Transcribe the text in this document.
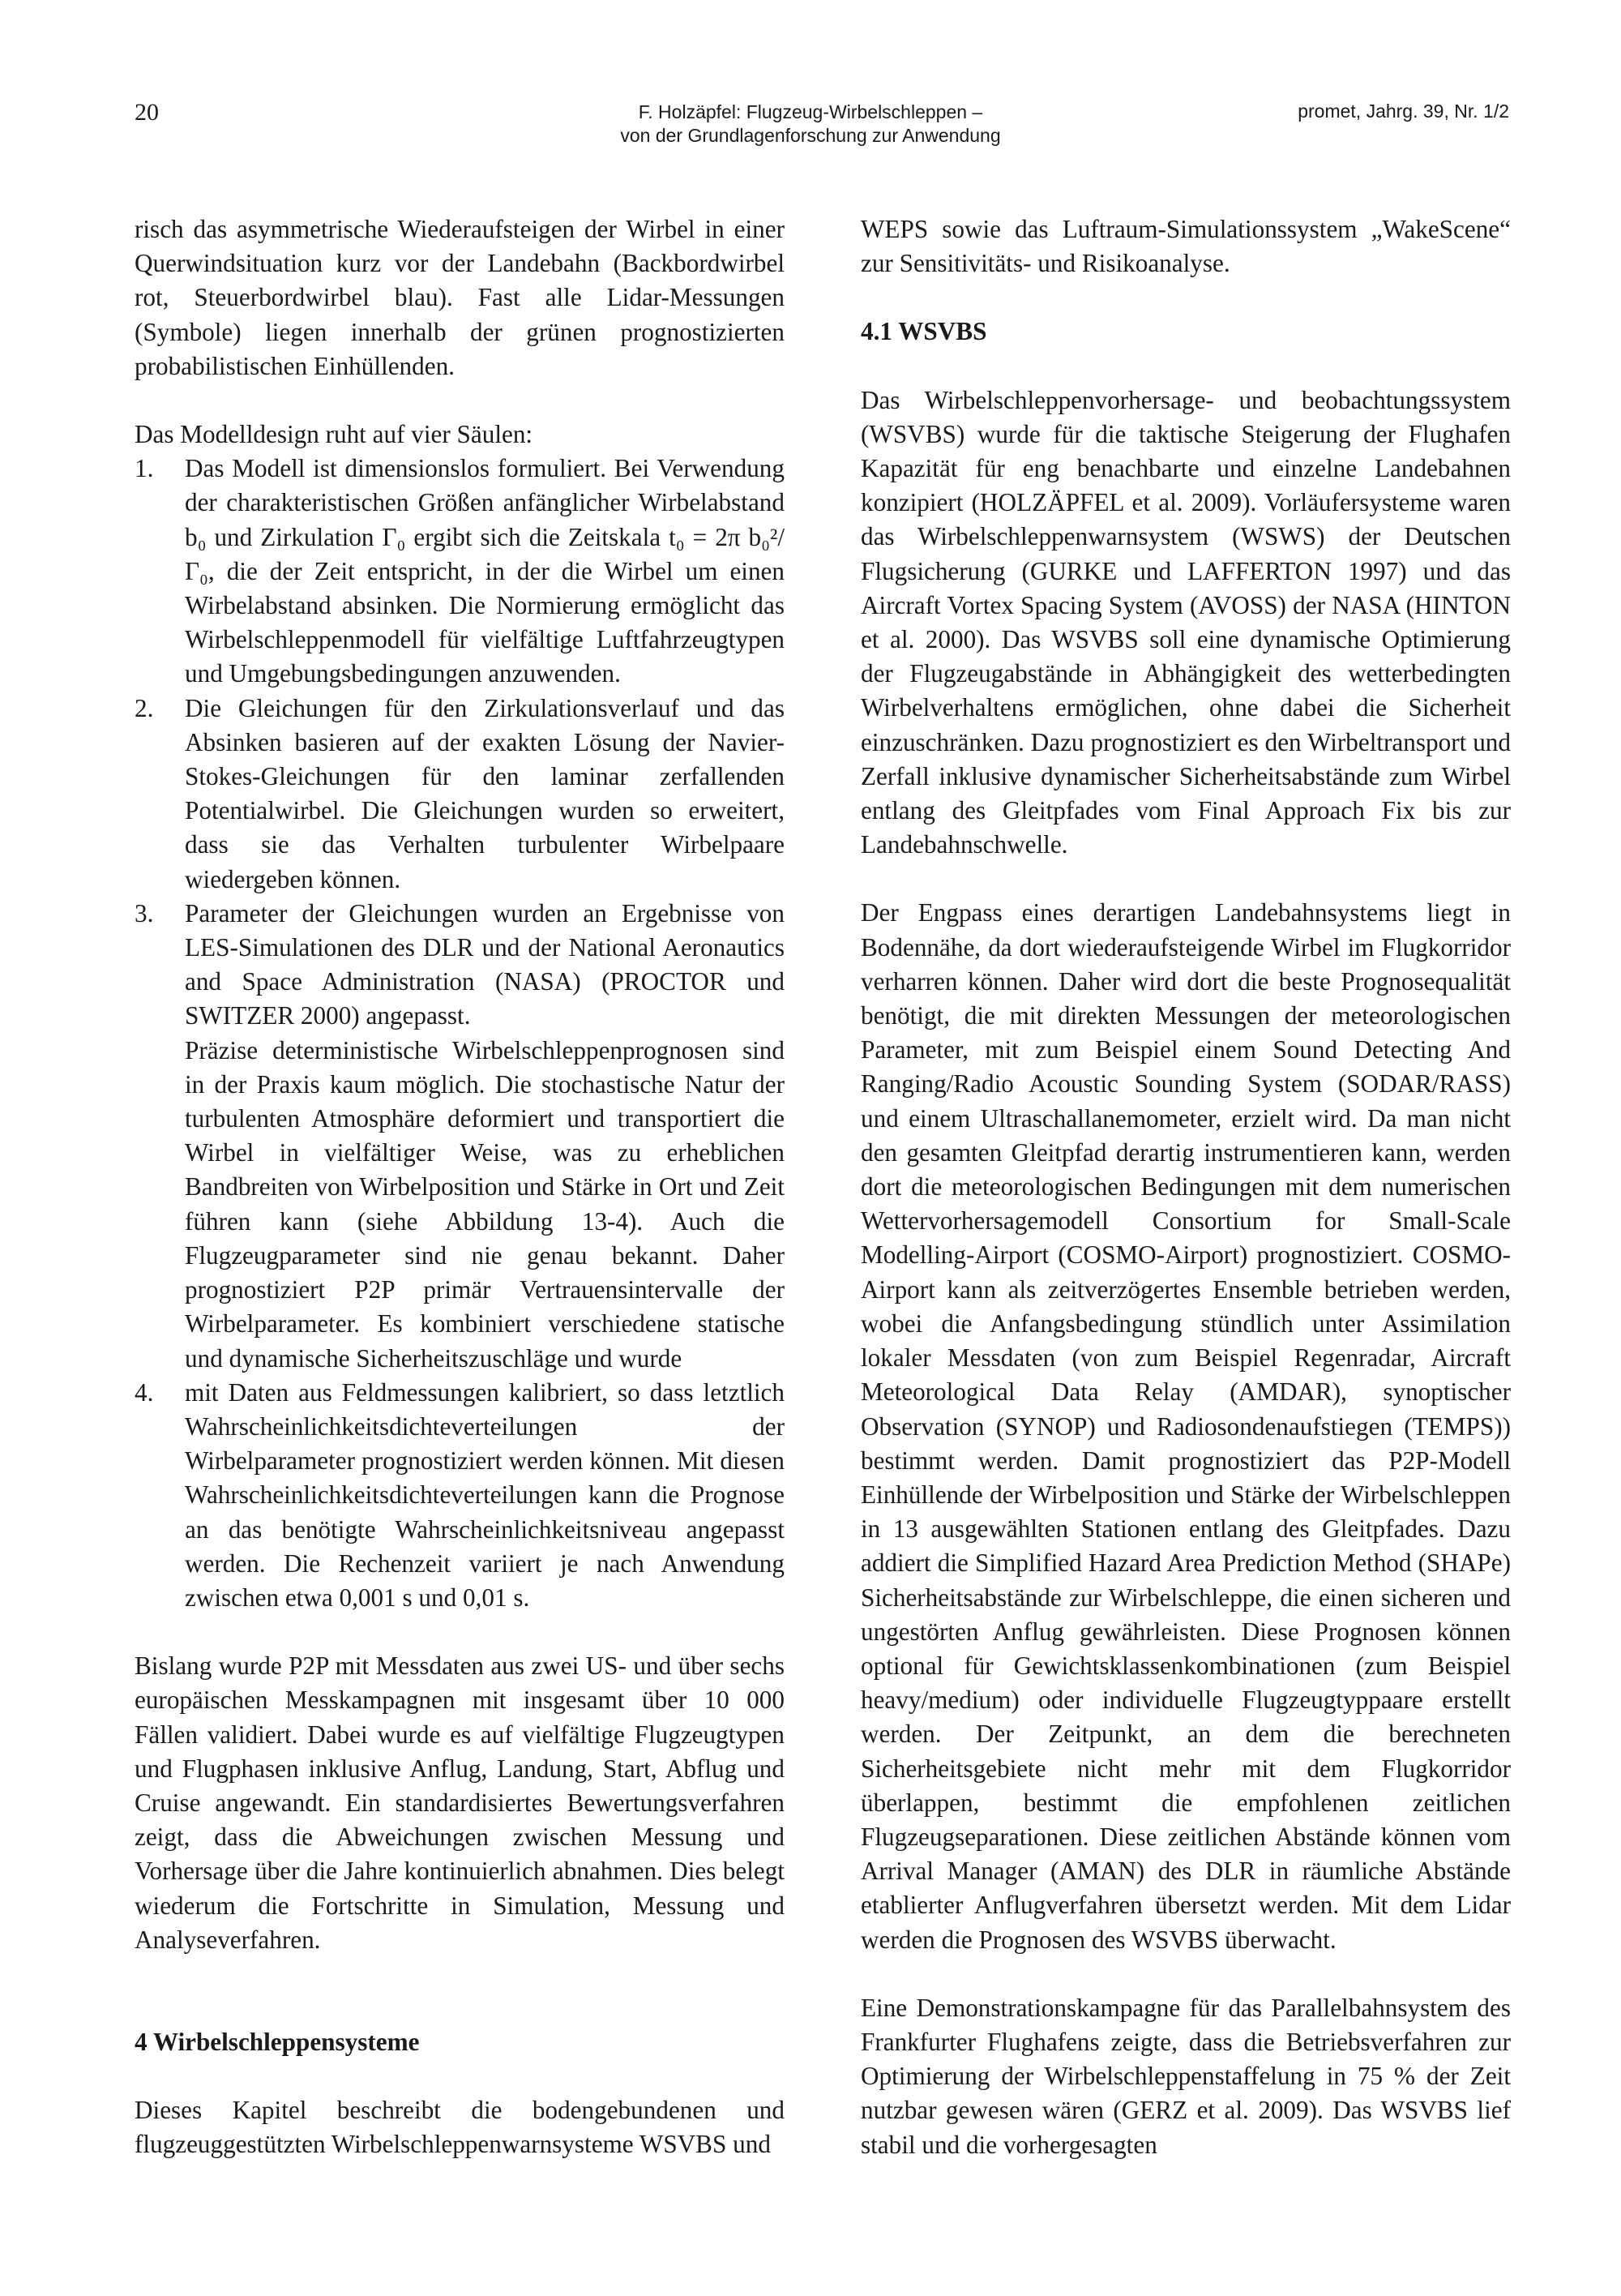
20	F. Holzäpfel: Flugzeug-Wirbelschleppen –
von der Grundlagenforschung zur Anwendung
promet, Jahrg. 39, Nr. 1/2

risch das asymmetrische Wiederaufsteigen der Wirbel in einer Querwindsituation kurz vor der Landebahn (Backbordwirbel rot, Steuerbordwirbel blau). Fast alle Lidar-Messungen (Symbole) liegen innerhalb der grünen prognostizierten probabilistischen Einhüllenden.

Das Modelldesign ruht auf vier Säulen:

1. Das Modell ist dimensionslos formuliert. Bei Verwendung der charakteristischen Größen anfänglicher Wirbelabstand b₀ und Zirkulation Γ₀ ergibt sich die Zeitskala t₀ = 2π b₀²/Γ₀, die der Zeit entspricht, in der die Wirbel um einen Wirbelabstand absinken. Die Normierung ermöglicht das Wirbelschleppenmodell für vielfältige Luftfahrzeugtypen und Umgebungsbedingungen anzuwenden.
2. Die Gleichungen für den Zirkulationsverlauf und das Absinken basieren auf der exakten Lösung der Navier-Stokes-Gleichungen für den laminar zerfallenden Potentialwirbel. Die Gleichungen wurden so erweitert, dass sie das Verhalten turbulenter Wirbelpaare wiedergeben können.
3. Parameter der Gleichungen wurden an Ergebnisse von LES-Simulationen des DLR und der National Aeronautics and Space Administration (NASA) (PROCTOR und SWITZER 2000) angepasst.

Präzise deterministische Wirbelschleppenprognosen sind in der Praxis kaum möglich. Die stochastische Natur der turbulenten Atmosphäre deformiert und transportiert die Wirbel in vielfältiger Weise, was zu erheblichen Bandbreiten von Wirbelposition und Stärke in Ort und Zeit führen kann (siehe Abbildung 13-4). Auch die Flugzeugparameter sind nie genau bekannt. Daher prognostiziert P2P primär Vertrauensintervalle der Wirbelparameter. Es kombiniert verschiedene statische und dynamische Sicherheitszuschläge und wurde

4. mit Daten aus Feldmessungen kalibriert, so dass letztlich Wahrscheinlichkeitsdichteverteilungen der Wirbelparameter prognostiziert werden können. Mit diesen Wahrscheinlichkeitsdichteverteilungen kann die Prognose an das benötigte Wahrscheinlichkeitsniveau angepasst werden. Die Rechenzeit variiert je nach Anwendung zwischen etwa 0,001 s und 0,01 s.

Bislang wurde P2P mit Messdaten aus zwei US- und über sechs europäischen Messkampagnen mit insgesamt über 10 000 Fällen validiert. Dabei wurde es auf vielfältige Flugzeugtypen und Flugphasen inklusive Anflug, Landung, Start, Abflug und Cruise angewandt. Ein standardisiertes Bewertungsverfahren zeigt, dass die Abweichungen zwischen Messung und Vorhersage über die Jahre kontinuierlich abnahmen. Dies belegt wiederum die Fortschritte in Simulation, Messung und Analyseverfahren.

4 Wirbelschleppensysteme

Dieses Kapitel beschreibt die bodengebundenen und flugzeuggestützten Wirbelschleppenwarnsysteme WSVBS und

WEPS sowie das Luftraum-Simulationssystem „WakeScene“ zur Sensitivitäts- und Risikoanalyse.

4.1 WSVBS

Das Wirbelschleppenvorhersage- und beobachtungssystem (WSVBS) wurde für die taktische Steigerung der Flughafen Kapazität für eng benachbarte und einzelne Landebahnen konzipiert (HOLZÄPFEL et al. 2009). Vorläufersysteme waren das Wirbelschleppenwarnsystem (WSWS) der Deutschen Flugsicherung (GURKE und LAFFERTON 1997) und das Aircraft Vortex Spacing System (AVOSS) der NASA (HINTON et al. 2000). Das WSVBS soll eine dynamische Optimierung der Flugzeugabstände in Abhängigkeit des wetterbedingten Wirbelverhaltens ermöglichen, ohne dabei die Sicherheit einzuschränken. Dazu prognostiziert es den Wirbeltransport und Zerfall inklusive dynamischer Sicherheitsabstände zum Wirbel entlang des Gleitpfades vom Final Approach Fix bis zur Landebahnschwelle.

Der Engpass eines derartigen Landebahnsystems liegt in Bodennähe, da dort wiederaufsteigende Wirbel im Flugkorridor verharren können. Daher wird dort die beste Prognosequalität benötigt, die mit direkten Messungen der meteorologischen Parameter, mit zum Beispiel einem Sound Detecting And Ranging/Radio Acoustic Sounding System (SODAR/RASS) und einem Ultraschallanemometer, erzielt wird. Da man nicht den gesamten Gleitpfad derartig instrumentieren kann, werden dort die meteorologischen Bedingungen mit dem numerischen Wettervorhersagemodell Consortium for Small-Scale Modelling-Airport (COSMO-Airport) prognostiziert. COSMO-Airport kann als zeitverzögertes Ensemble betrieben werden, wobei die Anfangsbedingung stündlich unter Assimilation lokaler Messdaten (von zum Beispiel Regenradar, Aircraft Meteorological Data Relay (AMDAR), synoptischer Observation (SYNOP) und Radiosondenaufstiegen (TEMPS)) bestimmt werden. Damit prognostiziert das P2P-Modell Einhüllende der Wirbelposition und Stärke der Wirbelschleppen in 13 ausgewählten Stationen entlang des Gleitpfades. Dazu addiert die Simplified Hazard Area Prediction Method (SHAPe) Sicherheitsabstände zur Wirbelschleppe, die einen sicheren und ungestörten Anflug gewährleisten. Diese Prognosen können optional für Gewichtsklassenkombinationen (zum Beispiel heavy/medium) oder individuelle Flugzeugtyppaare erstellt werden. Der Zeitpunkt, an dem die berechneten Sicherheitsgebiete nicht mehr mit dem Flugkorridor überlappen, bestimmt die empfohlenen zeitlichen Flugzeugseparationen. Diese zeitlichen Abstände können vom Arrival Manager (AMAN) des DLR in räumliche Abstände etablierter Anflugverfahren übersetzt werden. Mit dem Lidar werden die Prognosen des WSVBS überwacht.

Eine Demonstrationskampagne für das Parallelbahnsystem des Frankfurter Flughafens zeigte, dass die Betriebsverfahren zur Optimierung der Wirbelschleppenstaffelung in 75 % der Zeit nutzbar gewesen wären (GERZ et al. 2009). Das WSVBS lief stabil und die vorhergesagten
